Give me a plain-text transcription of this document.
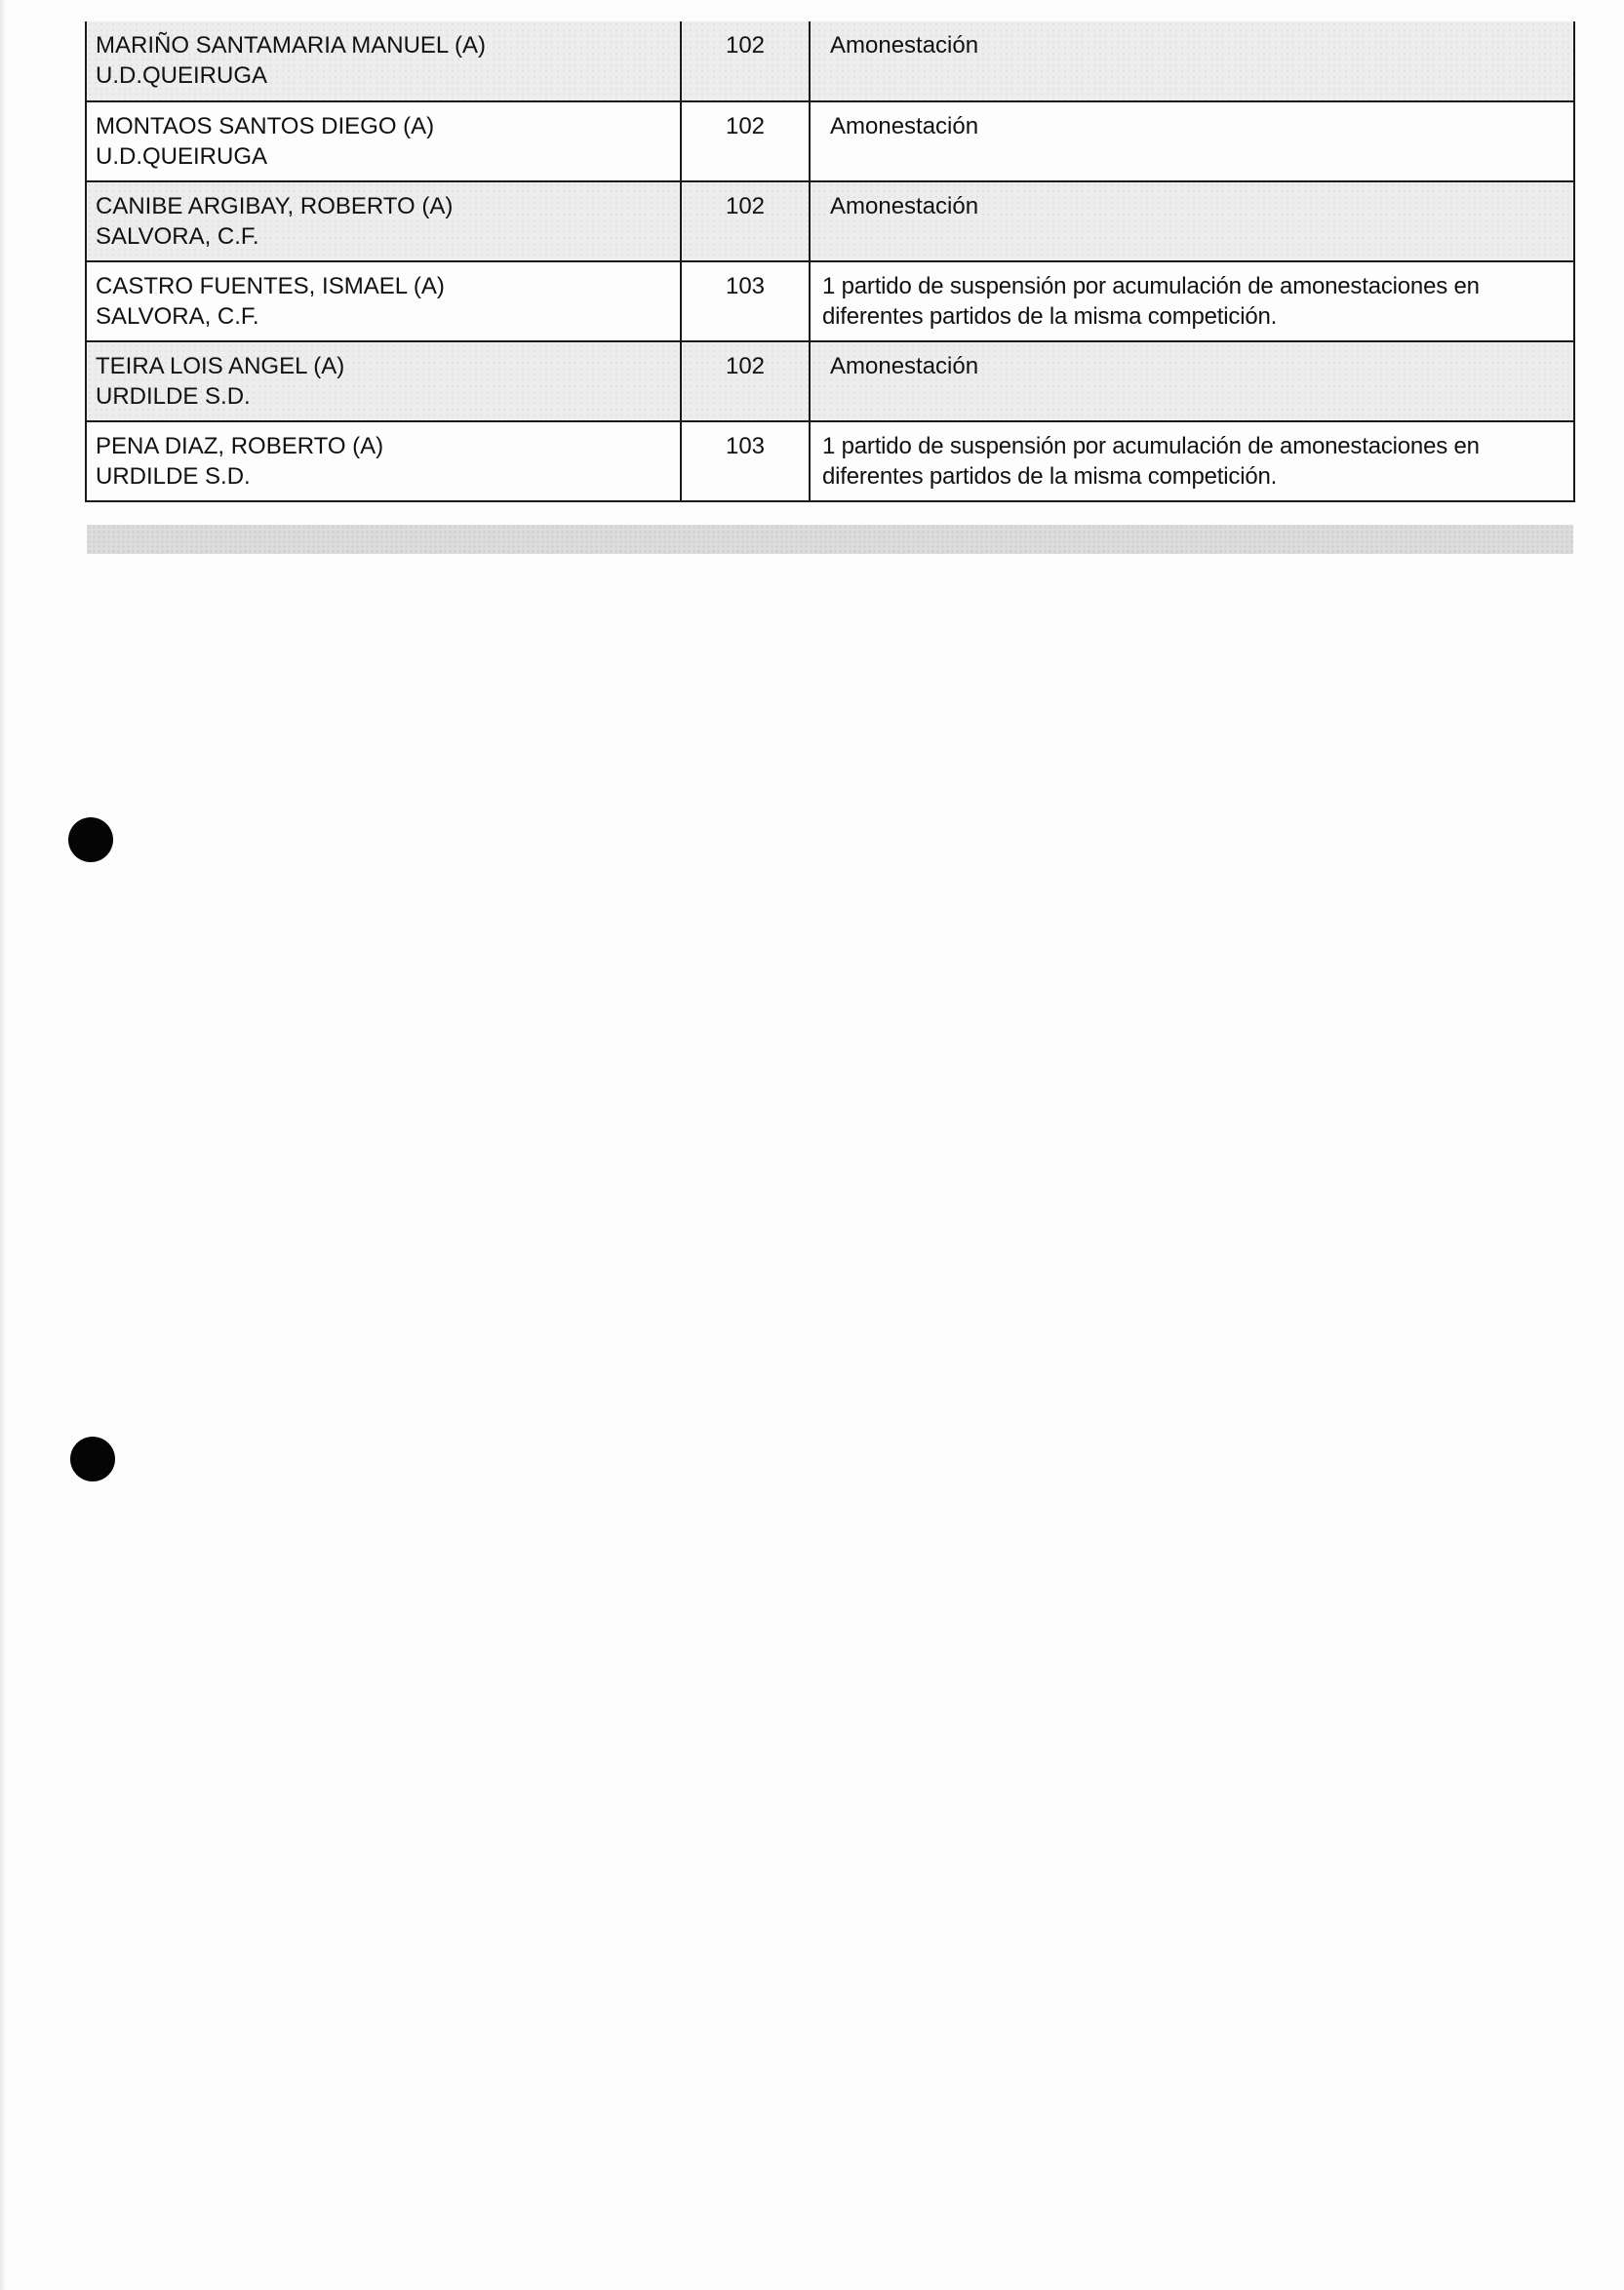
MARIÑO SANTAMARIA MANUEL (A)
U.D.QUEIRUGA	102	Amonestación

MONTAOS SANTOS DIEGO (A)
U.D.QUEIRUGA	102	Amonestación

CANIBE ARGIBAY, ROBERTO (A)
SALVORA, C.F.	102	Amonestación

CASTRO FUENTES, ISMAEL (A)
SALVORA, C.F.	103	1 partido de suspensión por acumulación de amonestaciones en
diferentes partidos de la misma competición.

TEIRA LOIS ANGEL (A)
URDILDE S.D.	102	Amonestación

PENA DIAZ, ROBERTO (A)
URDILDE S.D.	103	1 partido de suspensión por acumulación de amonestaciones en
diferentes partidos de la misma competición.
